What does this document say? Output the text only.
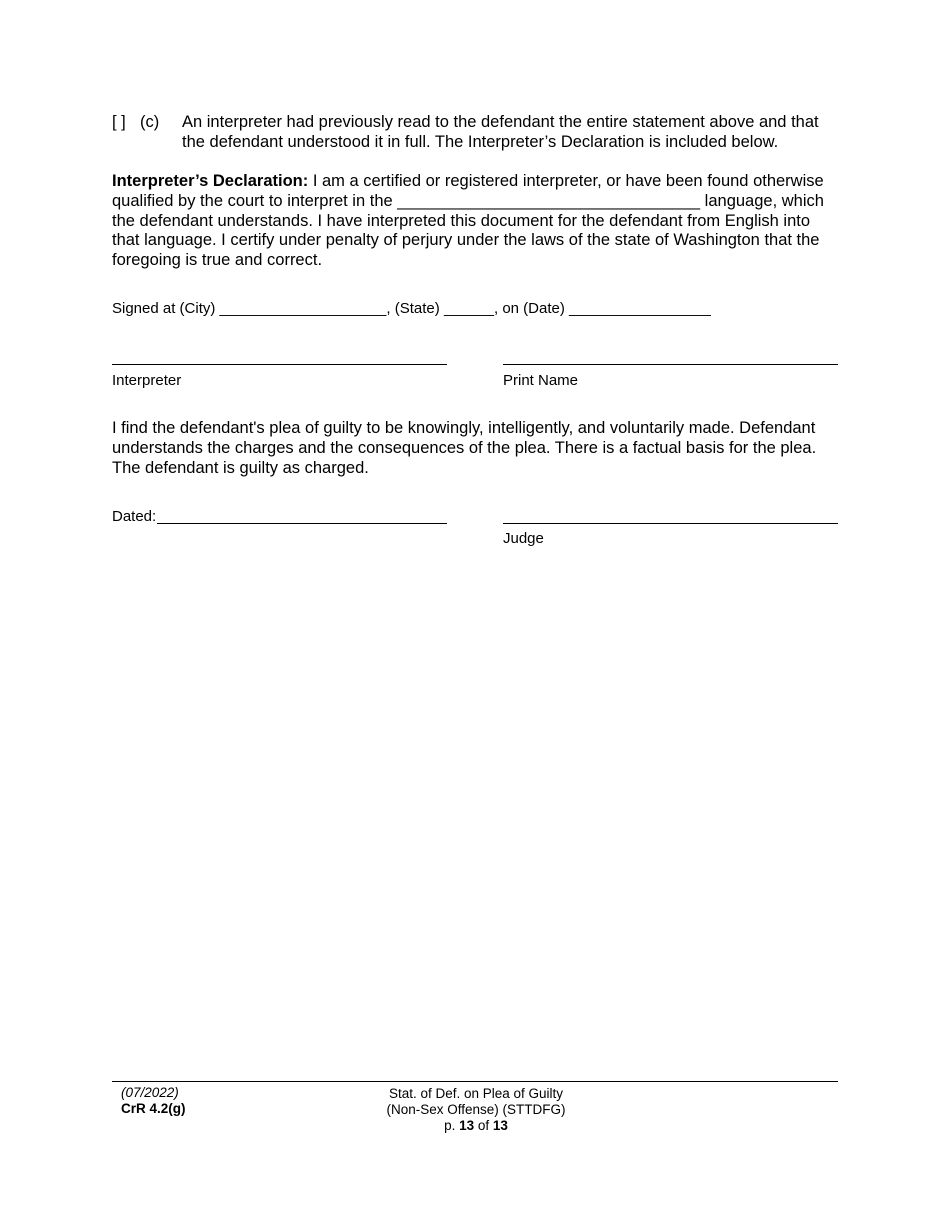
[ ] (c) An interpreter had previously read to the defendant the entire statement above and that the defendant understood it in full. The Interpreter’s Declaration is included below.
Interpreter’s Declaration: I am a certified or registered interpreter, or have been found otherwise
qualified by the court to interpret in the _________________________________ language, which
the defendant understands. I have interpreted this document for the defendant from English into that language. I certify under penalty of perjury under the laws of the state of Washington that the foregoing is true and correct.
Signed at (City) ____________________, (State) ______, on (Date) _________________
Interpreter	Print Name
I find the defendant's plea of guilty to be knowingly, intelligently, and voluntarily made. Defendant understands the charges and the consequences of the plea. There is a factual basis for the plea. The defendant is guilty as charged.
Dated:
Judge
(07/2022)
CrR 4.2(g)
Stat. of Def. on Plea of Guilty
(Non-Sex Offense) (STTDFG)
p. 13 of 13
